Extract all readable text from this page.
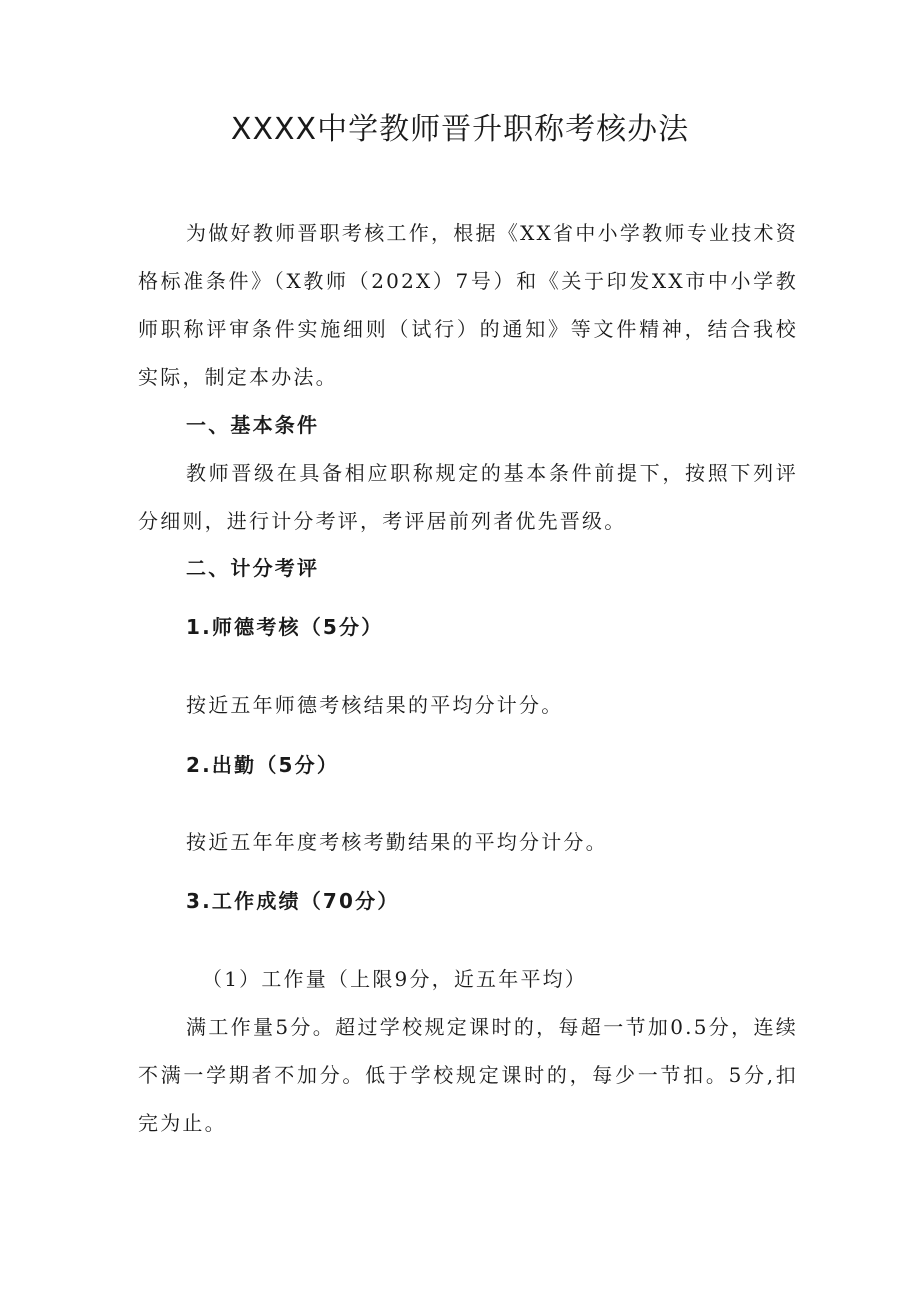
XXXX中学教师晋升职称考核办法
为做好教师晋职考核工作，根据《XX省中小学教师专业技术资格标准条件》（X教师（202X）7号）和《关于印发XX市中小学教师职称评审条件实施细则（试行）的通知》等文件精神，结合我校实际，制定本办法。
一、基本条件
教师晋级在具备相应职称规定的基本条件前提下，按照下列评分细则，进行计分考评，考评居前列者优先晋级。
二、计分考评
1.师德考核（5分）
按近五年师德考核结果的平均分计分。
2.出勤（5分）
按近五年年度考核考勤结果的平均分计分。
3.工作成绩（70分）
（1）工作量（上限9分，近五年平均）
满工作量5分。超过学校规定课时的，每超一节加0.5分，连续不满一学期者不加分。低于学校规定课时的，每少一节扣。5分,扣完为止。
